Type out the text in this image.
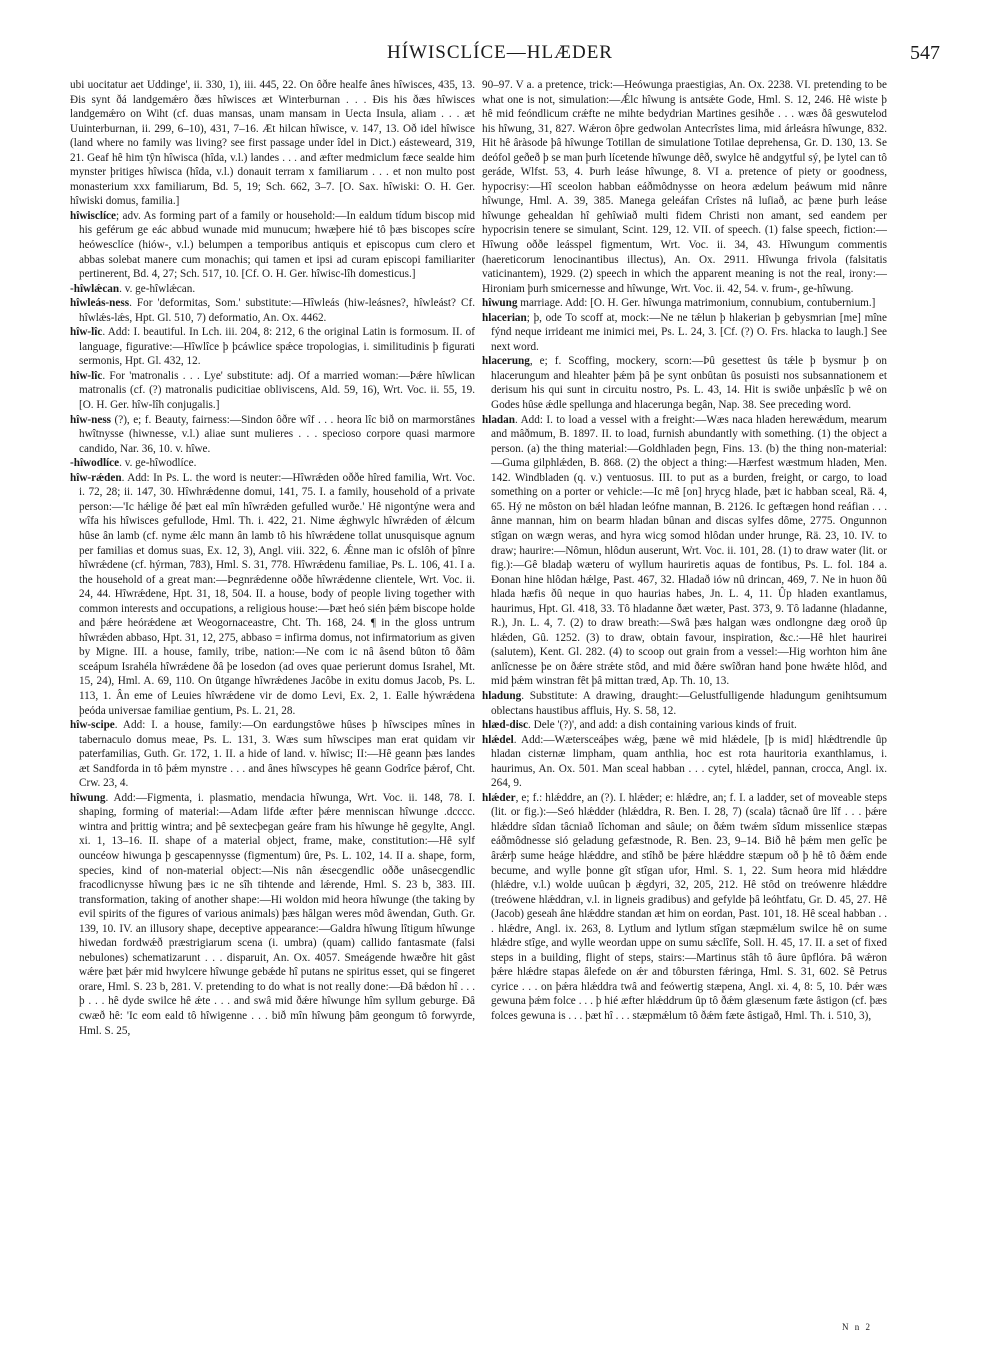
HÍWISCLÍCE—HLÆDER	547

ubi uocitatur aet Uddinge', ii. 330, 1), iii. 445, 22. On ôðre healfe ânes hîwisces, 435, 13. Ðis synt ðá landgemǽro ðæs hîwisces æt Winterburnan . . . Ðis his ðæs hîwisces landgemǽro on Wiht (cf. duas mansas, unam mansam in Uecta Insula, aliam . . . æt Uuinterburnan, ii. 299, 6–10), 431, 7–16. Æt hilcan hîwisce, v. 147, 13. Oð idel hîwisce (land where no family was living? see first passage under îdel in Dict.) eásteweard, 319, 21. Geaf hê him tŷn hîwisca (hîda, v.l.) landes . . . and æfter medmiclum fæce sealde him mynster þritiges hîwisca (hîda, v.l.) donauit terram x familiarum . . . et non multo post monasterium xxx familiarum, Bd. 5, 19; Sch. 662, 3–7. [O. Sax. hîwiski: O. H. Ger. hîwiski domus, familia.]

hîwisclíce; adv. As forming part of a family or household:—In ealdum tídum biscop mid his geférum ge eác abbud wunade mid munucum; hwæþere hié tô þæs biscopes scíre heówesclíce (hiów-, v.l.) belumpen a temporibus antiquis et episcopus cum clero et abbas solebat manere cum monachis; qui tamen et ipsi ad curam episcopi familiariter pertinerent, Bd. 4, 27; Sch. 517, 10. [Cf. O. H. Ger. hîwisc-lîh domesticus.]

-hîwlǽcan. v. ge-hîwlǽcan.

hîwleás-ness. For 'deformitas, Som.' substitute:—Hîwleás (hiw-leásnes?, hîwleást? Cf. hîwlǽs-lǽs, Hpt. Gl. 510, 7) deformatio, An. Ox. 4462.

hîw-lîc. Add: I. beautiful. In Lch. iii. 204, 8: 212, 6 the original Latin is formosum. II. of language, figurative:—Hîwlîce þ þcáwlice spǽce tropologias, i. similitudinis þ figurati sermonis, Hpt. Gl. 432, 12.

hîw-lîc. For 'matronalis . . . Lye' substitute: adj. Of a married woman:—Þǽre hîwlican matronalis (cf. (?) matronalis pudicitiae obliviscens, Ald. 59, 16), Wrt. Voc. ii. 55, 19. [O. H. Ger. hîw-lîh conjugalis.]

hîw-ness (?), e; f. Beauty, fairness:—Sindon ôðre wîf . . . heora lîc bið on marmorstânes hwîtnysse (hiwnesse, v.l.) aliae sunt mulieres . . . specioso corpore quasi marmore candido, Nar. 36, 10. v. hîwe.

-hîwodlíce. v. ge-hîwodlíce.

hîw-rǽden. Add: In Ps. L. the word is neuter:—Hîwrǽden oððe hîred familia, Wrt. Voc. i. 72, 28; ii. 147, 30. Hîwhrǽdenne domui, 141, 75. I. a family, household of a private person:—'Ic hǽlige ðé þæt eal mîn hîwrǽden gefulled wurðe.' Hê nigontýne wera and wîfa his hîwisces gefullode, Hml. Th. i. 422, 21. Nime ǽghwylc hîwrǽden of ǽlcum hûse ân lamb (cf. nyme ǽlc mann ân lamb tô his hîwrǽdene tollat unusquisque agnum per familias et domus suas, Ex. 12, 3), Angl. viii. 322, 6. Ǽnne man ic ofslôh of þînre hîwrǽdene (cf. hýrman, 783), Hml. S. 31, 778. Hîwrǽdenu familiae, Ps. L. 106, 41. I a. the household of a great man:—Þegnrǽdenne oððe hîwrǽdenne clientele, Wrt. Voc. ii. 24, 44. Hîwrǽdene, Hpt. 31, 18, 504. II. a house, body of people living together with common interests and occupations, a religious house:—Þæt heó sién þǽm biscope holde and þǽre heórǽdene æt Weogornaceastre, Cht. Th. 168, 24. ¶ in the gloss untrum hîwrǽden abbaso, Hpt. 31, 12, 275, abbaso = infirma domus, not infirmatorium as given by Migne. III. a house, family, tribe, nation:—Ne com ic nâ âsend bûton tô ðâm sceápum Israhéla hîwrǽdene ðâ þe losedon (ad oves quae perierunt domus Israhel, Mt. 15, 24), Hml. A. 69, 110. On ûtgange hîwrǽdenes Jacôbe in exitu domus Jacob, Ps. L. 113, 1. Ân eme of Leuies hîwrǽdene vir de domo Levi, Ex. 2, 1. Ealle hýwrǽdena þeóda universae familiae gentium, Ps. L. 21, 28.

hîw-scipe. Add: I. a house, family:—On eardungstôwe hûses þ hîwscipes mînes in tabernaculo domus meae, Ps. L. 131, 3. Wæs sum hîwscipes man erat quidam vir paterfamilias, Guth. Gr. 172, 1. II. a hide of land. v. hîwisc; II:—Hê geann þæs landes æt Sandforda in tô þǽm mynstre . . . and ânes hîwscypes hê geann Godrîce þǽrof, Cht. Crw. 23, 4.

hîwung. Add:—Figmenta, i. plasmatio, mendacia hîwunga, Wrt. Voc. ii. 148, 78. I. shaping, forming of material:—Adam lifde æfter þǽre menniscan hîwunge .dcccc. wintra and þrittig wintra; and þê sextecþegan geáre fram his hîwunge hê gegylte, Angl. xi. 1, 13–16. II. shape of a material object, frame, make, constitution:—Hê sylf ouncéow hiwunga þ gescapennysse (figmentum) ûre, Ps. L. 102, 14. II a. shape, form, species, kind of non-material object:—Nis nân ǽsecgendlic oððe unâsecgendlic fracodlicnysse hîwung þæs ic ne sîh tihtende and lǽrende, Hml. S. 23 b, 383. III. transformation, taking of another shape:—Hi woldon mid heora hîwunge (the taking by evil spirits of the figures of various animals) þæs hâlgan weres môd âwendan, Guth. Gr. 139, 10. IV. an illusory shape, deceptive appearance:—Galdra hîwung lîtigum hîwunge hiwedan fordwǽð præstrigiarum scena (i. umbra) (quam) callido fantasmate (falsi nebulones) schematizarunt . . . disparuit, An. Ox. 4057. Smeágende hwæðre hit gâst wǽre þæt þǽr mid hwylcere hîwunge gebǽde hî putans ne spiritus esset, qui se fingeret orare, Hml. S. 23 b, 281. V. pretending to do what is not really done:—Ðâ bǽdon hî . . . þ . . . hê dyde swilce hê ǽte . . . and swâ mid ðǽre hîwunge hîm syllum geburge. Ðâ cwæð hê: 'Ic eom eald tô hîwigenne . . . bið mîn hîwung þâm geongum tô forwyrde, Hml. S. 25,

90–97. V a. a pretence, trick:—Heówunga praestigias, An. Ox. 2238. VI. pretending to be what one is not, simulation:—Ǽlc hîwung is antsǽte Gode, Hml. S. 12, 246. Hê wiste þ hê mid feóndlicum crǽfte ne mihte bedydrian Martines gesihðe . . . wæs ðâ geswutelod his hîwung, 31, 827. Wǽron ôþre gedwolan Antecrîstes lima, mid árleásra hîwunge, 832. Hit hê âràsode þâ hîwunge Totillan de simulatione Totilae deprehensa, Gr. D. 130, 13. Se deófol geðeð þ se man þurh lícetende hîwunge dêð, swylce hê andgytful sý, þe lytel can tô geráde, Wlfst. 53, 4. Þurh leáse hîwunge, 8. VI a. pretence of piety or goodness, hypocrisy:—Hî sceolon habban eáðmôdnysse on heora ædelum þeáwum mid nânre hîwunge, Hml. A. 39, 385. Manega geleáfan Crîstes nâ luſiað, ac þæne þurh leáse hîwunge gehealdan hî gehîwiað multi fidem Christi non amant, sed eandem per hypocrisin tenere se simulant, Scint. 129, 12. VII. of speech. (1) false speech, fiction:—Hîwung oððe leásspel figmentum, Wrt. Voc. ii. 34, 43. Hîwungum commentis (haereticorum lenocinantibus illectus), An. Ox. 2911. Hîwunga frivola (falsitatis vaticinantem), 1929. (2) speech in which the apparent meaning is not the real, irony:—Hironiam þurh smicernesse and hîwunge, Wrt. Voc. ii. 42, 54. v. frum-, ge-hîwung.

hîwung marriage. Add: [O. H. Ger. hîwunga matrimonium, connubium, contubernium.]

hlacerian; þ, ode To scoff at, mock:—Ne ne tǽlun þ hlakerian þ gebysmrian [me] mîne fýnd neque irrideant me inimici mei, Ps. L. 24, 3. [Cf. (?) O. Frs. hlacka to laugh.] See next word.

hlacerung, e; f. Scoffing, mockery, scorn:—Þû gesettest ûs tǽle þ bysmur þ on hlacerungum and hleahter þǽm þâ þe synt onbûtan ûs posuisti nos subsannationem et derisum his qui sunt in circuitu nostro, Ps. L. 43, 14. Hit is swiðe unþǽslîc þ wê on Godes hûse ǽdle spellunga and hlacerunga begân, Nap. 38. See preceding word.

hladan. Add: I. to load a vessel with a freight:—Wæs naca hladen herewǽdum, mearum and mâðmum, B. 1897. II. to load, furnish abundantly with something. (1) the object a person. (a) the thing material:—Goldhladen þegn, Fins. 13. (b) the thing non-material:—Guma gilphlǽden, B. 868. (2) the object a thing:—Hærfest wæstmum hladen, Men. 142. Windbladen (q. v.) ventuosus. III. to put as a burden, freight, or cargo, to load something on a porter or vehicle:—Ic mê [on] hrycg hlade, þæt ic habban sceal, Rä. 4, 65. Hý ne môston on bǽl hladan leófne mannan, B. 2126. Ic geftægen hond reáfian . . . ânne mannan, him on bearm hladan bûnan and discas sylfes dôme, 2775. Ongunnon stîgan on wægn weras, and hyra wicg somod hlôdan under hrunge, Rä. 23, 10. IV. to draw; haurire:—Nômun, hlôdun auserunt, Wrt. Voc. ii. 101, 28. (1) to draw water (lit. or fig.):—Gê bladaþ wæteru of wyllum hauriretis aquas de fontibus, Ps. L. fol. 184 a. Ðonan hine hlôdan hǽlge, Past. 467, 32. Hladað iów nû drincan, 469, 7. Ne in huon ðû hlada hæfis ðû neque in quo haurias habes, Jn. L. 4, 11. Ûp hladen exantlamus, haurimus, Hpt. Gl. 418, 33. Tô hladanne ðæt wæter, Past. 373, 9. Tô ladanne (hladanne, R.), Jn. L. 4, 7. (2) to draw breath:—Swâ þæs halgan wæs ondlongne dæg oroð ûp hlǽden, Gû. 1252. (3) to draw, obtain favour, inspiration, &c.:—Hê hlet haurirei (salutem), Kent. Gl. 282. (4) to scoop out grain from a vessel:—Hig worhton him âne anlîcnesse þe on ðǽre strǽte stôd, and mid ðǽre swîðran hand þone hwǽte hlôd, and mid þǽm winstran fêt þâ mittan træd, Ap. Th. 10, 13.

hladung. Substitute: A drawing, draught:—Gelustfulligende hladungum genihtsumum oblectans haustibus affluis, Hy. S. 58, 12.

hlæd-disc. Dele '(?)', and add: a dish containing various kinds of fruit.

hlǽdel. Add:—Wætersceáþes wǽg, þæne wê mid hlǽdele, [þ is mid] hlǽdtrendle ûp hladan cisternæ limpham, quam anthlia, hoc est rota hauritoria exanthlamus, i. haurimus, An. Ox. 501. Man sceal habban . . . cytel, hlǽdel, pannan, crocca, Angl. ix. 264, 9.

hlǽder, e; f.: hlǽddre, an (?). I. hlǽder; e: hlǽdre, an; f. I. a ladder, set of moveable steps (lit. or fig.):—Seó hlǽdder (hlǽddra, R. Ben. I. 28, 7) (scala) tâcnað ûre lîf . . . þǽre hlǽddre sîdan tâcniað lîchoman and sâule; on ðǽm twǽm sîdum missenlice stæpas eáðmôdnesse sió geladung gefæstnode, R. Ben. 23, 9–14. Bið hê þǽm men gelîc þe ârǽrþ sume heáge hlǽddre, and stîhð be þǽre hlǽddre stæpum oð þ hê tô ðǽm ende becume, and wylle þonne gît stîgan ufor, Hml. S. 1, 22. Sum heora mid hlǽddre (hlǽdre, v.l.) wolde uuûcan þ ǽgdyri, 32, 205, 212. Hê stôd on treówenre hlǽddre (treówene hlǽddran, v.l. in ligneis gradibus) and gefylde þâ leóhtfatu, Gr. D. 45, 27. Hê (Jacob) geseah âne hlǽddre standan æt him on eordan, Past. 101, 18. Hê sceal habban . . . hlǽdre, Angl. ix. 263, 8. Lytlum and lytlum stîgan stæpmǽlum swilce hê on sume hlǽdre stîge, and wylle weordan uppe on sumu sǽclîfe, Soll. H. 45, 17. II. a set of fixed steps in a building, flight of steps, stairs:—Martinus stâh tô âure ûpflóra. Þâ wǽron þǽre hlǽdre stapas âlefede on ǽr and tôbursten fǽringa, Hml. S. 31, 602. Sê Petrus cyrice . . . on þǽra hlǽddra twâ and feówertig stæpena, Angl. xi. 4, 8: 5, 10. Þǽr wæs gewuna þǽm folce . . . þ hié æfter hlǽddrum ûp tô ðǽm glæsenum fæte âstigon (cf. þæs folces gewuna is . . . þæt hî . . . stæpmǽlum tô ðǽm fæte âstigað, Hml. Th. i. 510, 3),

N n 2
